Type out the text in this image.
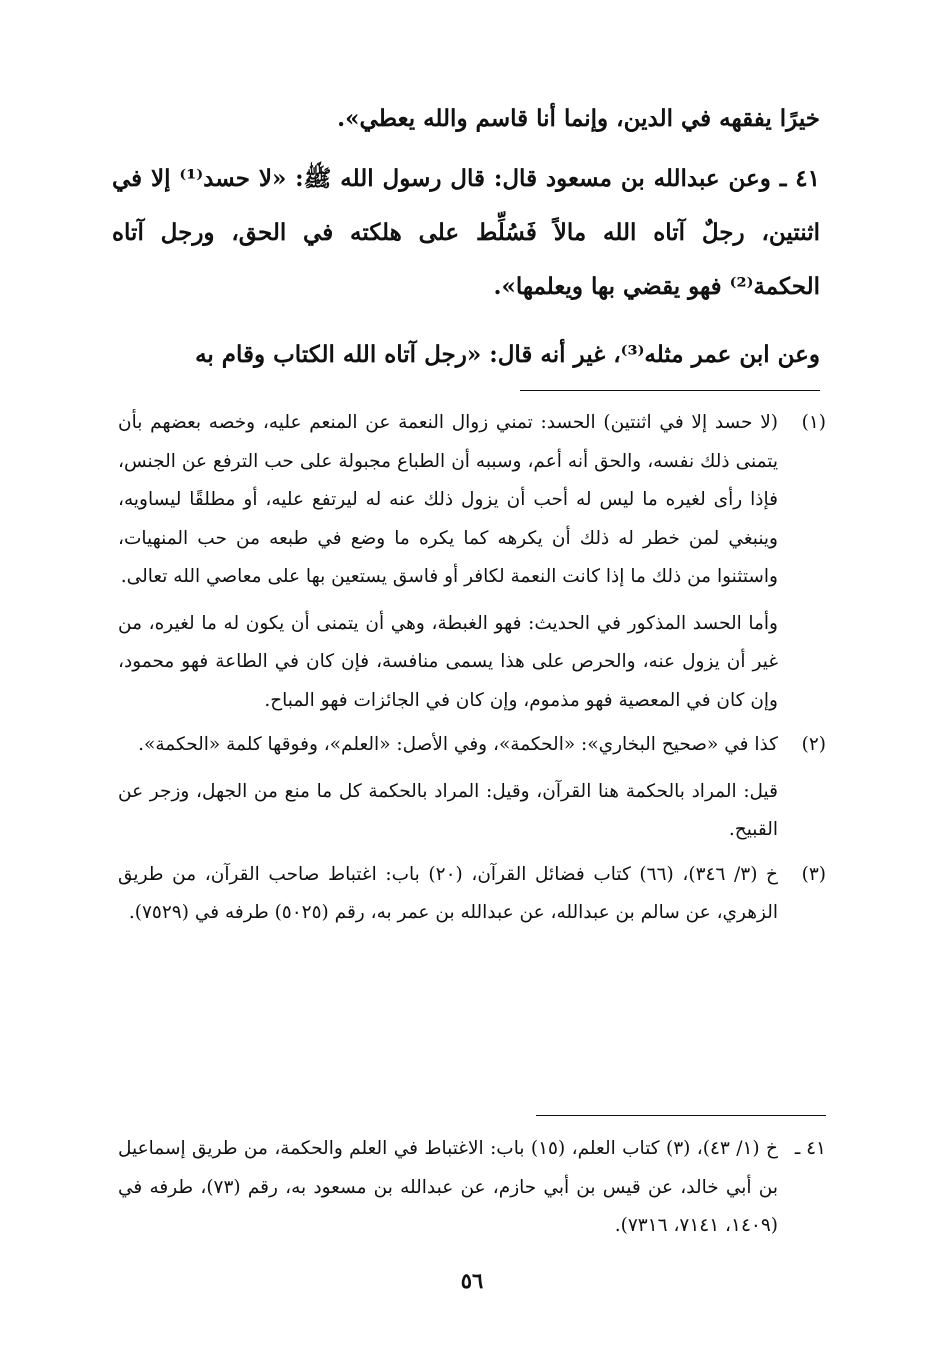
خيرًا يفقهه في الدين، وإنما أنا قاسم والله يعطي».

٤١ ـ وعن عبدالله بن مسعود قال: قال رسول الله ﷺ: «لا حسد⁽¹⁾ إلا في اثنتين، رجلٌ آتاه الله مالاً فَسُلِّط على هلكته في الحق، ورجل آتاه الحكمة⁽²⁾ فهو يقضي بها ويعلمها».

وعن ابن عمر مثله⁽³⁾، غير أنه قال: «رجل آتاه الله الكتاب وقام به

(١)

(لا حسد إلا في اثنتين) الحسد: تمني زوال النعمة عن المنعم عليه، وخصه بعضهم بأن يتمنى ذلك نفسه، والحق أنه أعم، وسببه أن الطباع مجبولة على حب الترفع عن الجنس، فإذا رأى لغيره ما ليس له أحب أن يزول ذلك عنه له ليرتفع عليه، أو مطلقًا ليساويه، وينبغي لمن خطر له ذلك أن يكرهه كما يكره ما وضع في طبعه من حب المنهيات، واستثنوا من ذلك ما إذا كانت النعمة لكافر أو فاسق يستعين بها على معاصي الله تعالى.

وأما الحسد المذكور في الحديث: فهو الغبطة، وهي أن يتمنى أن يكون له ما لغيره، من غير أن يزول عنه، والحرص على هذا يسمى منافسة، فإن كان في الطاعة فهو محمود، وإن كان في المعصية فهو مذموم، وإن كان في الجائزات فهو المباح.

(٢)

كذا في «صحيح البخاري»: «الحكمة»، وفي الأصل: «العلم»، وفوقها كلمة «الحكمة».

قيل: المراد بالحكمة هنا القرآن، وقيل: المراد بالحكمة كل ما منع من الجهل، وزجر عن القبيح.

(٣)

خ (٣/ ٣٤٦)، (٦٦) كتاب فضائل القرآن، (٢٠) باب: اغتباط صاحب القرآن، من طريق الزهري، عن سالم بن عبدالله، عن عبدالله بن عمر به، رقم (٥٠٢٥) طرفه في (٧٥٢٩).

٤١ ـ

خ (١/ ٤٣)، (٣) كتاب العلم، (١٥) باب: الاغتباط في العلم والحكمة، من طريق إسماعيل بن أبي خالد، عن قيس بن أبي حازم، عن عبدالله بن مسعود به، رقم (٧٣)، طرفه في (١٤٠٩، ٧١٤١، ٧٣١٦).

٥٦
